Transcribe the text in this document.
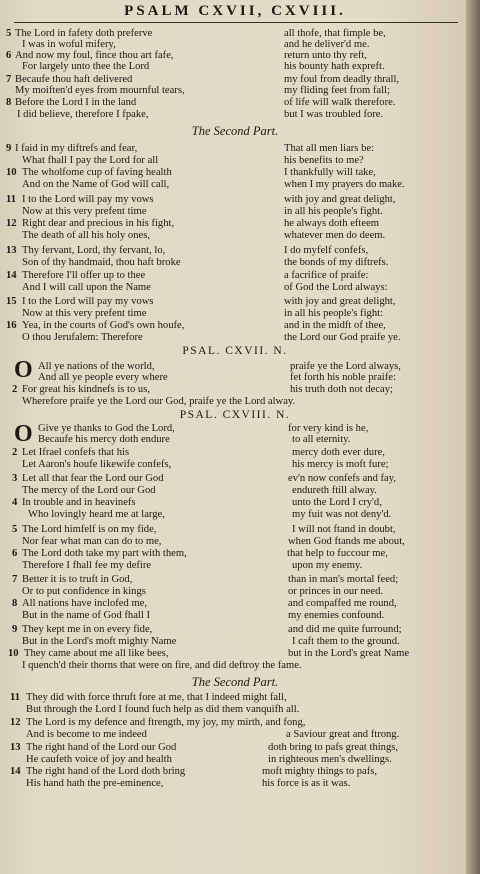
PSALM CXVII, CXVIII.
5 The Lord in fafety doth preferve	all thofe, that fimple be,
I was in woful mifery,	and he deliver'd me.
6 And now my foul, fince thou art fafe,	return unto thy reft,
For largely unto thee the Lord	his bounty hath expreft.
7 Becaufe thou haft delivered	my foul from deadly thrall,
My moiften'd eyes from mournful tears,	my fliding feet from fall;
8 Before the Lord I in the land	of life will walk therefore.
I did believe, therefore I fpake,	but I was troubled fore.
The Second Part.
9 I faid in my diftrefs and fear,	That all men liars be:
What fhall I pay the Lord for all	his benefits to me?
10 The wholfome cup of faving health	I thankfully will take,
And on the Name of God will call,	when I my prayers do make.
11 I to the Lord will pay my vows	with joy and great delight,
Now at this very prefent time	in all his people's fight.
12 Right dear and precious in his fight,	he always doth efteem
The death of all his holy ones,	whatever men do deem.
13 Thy fervant, Lord, thy fervant, lo,	I do myfelf confefs,
Son of thy handmaid, thou haft broke	the bonds of my diftrefs.
14 Therefore I'll offer up to thee	a facrifice of praife:
And I will call upon the Name	of God the Lord always:
15 I to the Lord will pay my vows	with joy and great delight,
Now at this very prefent time	in all his people's fight:
16 Yea, in the courts of God's own houfe,	and in the midft of thee,
O thou Jerufalem: Therefore	the Lord our God praife ye.
PSAL. CXVII. N.
O All ye nations of the world,	praife ye the Lord always,
And all ye people every where	fet forth his noble praife:
2 For great his kindnefs is to us,	his truth doth not decay;
Wherefore praife ye the Lord our God, praife ye the Lord alway.
PSAL. CXVIII. N.
O Give ye thanks to God the Lord,	for very kind is he,
Becaufe his mercy doth endure	to all eternity.
2 Let Ifrael confefs that his	mercy doth ever dure,
Let Aaron's houfe likewife confefs,	his mercy is moft fure;
3 Let all that fear the Lord our God	ev'n now confefs and fay,
The mercy of the Lord our God	endureth ftill alway.
4 In trouble and in heavinefs	unto the Lord I cry'd,
Who lovingly heard me at large,	my fuit was not deny'd.
5 The Lord himfelf is on my fide,	I will not ftand in doubt,
Nor fear what man can do to me,	when God ftands me about,
6 The Lord doth take my part with them,	that help to fuccour me,
Therefore I fhall fee my defire	upon my enemy.
7 Better it is to truft in God,	than in man's mortal feed;
Or to put confidence in kings	or princes in our need.
8 All nations have inclofed me,	and compaffed me round,
But in the name of God fhall I	my enemies confound.
9 They kept me in on every fide,	and did me quite furround;
But in the Lord's moft mighty Name	I caft them to the ground.
10 They came about me all like bees,	but in the Lord's great Name
I quench'd their thorns that were on fire, and did deftroy the fame.
The Second Part.
11 They did with force thruft fore at me, that I indeed might fall,
But through the Lord I found fuch help as did them vanquifh all.
12 The Lord is my defence and ftrength, my joy, my mirth, and fong,
And is become to me indeed	a Saviour great and ftrong.
13 The right hand of the Lord our God	doth bring to pafs great things,
He caufeth voice of joy and health	in righteous men's dwellings.
14 The right hand of the Lord doth bring	moft mighty things to pafs,
His hand hath the pre-eminence,	his force is as it was.
